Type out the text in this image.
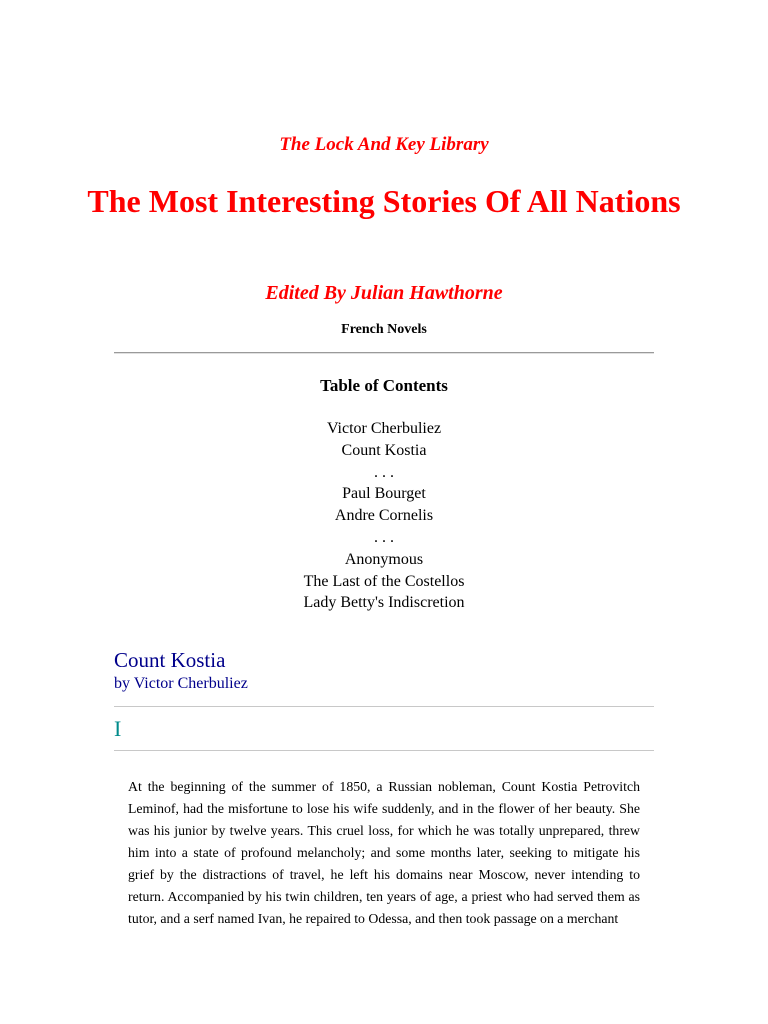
The Lock And Key Library
The Most Interesting Stories Of All Nations
Edited By Julian Hawthorne
French Novels
Table of Contents
Victor Cherbuliez
Count Kostia
. . .
Paul Bourget
Andre Cornelis
. . .
Anonymous
The Last of the Costellos
Lady Betty's Indiscretion
Count Kostia
by Victor Cherbuliez
I

At the beginning of the summer of 1850, a Russian nobleman, Count Kostia Petrovitch Leminof, had the misfortune to lose his wife suddenly, and in the flower of her beauty. She was his junior by twelve years. This cruel loss, for which he was totally unprepared, threw him into a state of profound melancholy; and some months later, seeking to mitigate his grief by the distractions of travel, he left his domains near Moscow, never intending to return. Accompanied by his twin children, ten years of age, a priest who had served them as tutor, and a serf named Ivan, he repaired to Odessa, and then took passage on a merchant
